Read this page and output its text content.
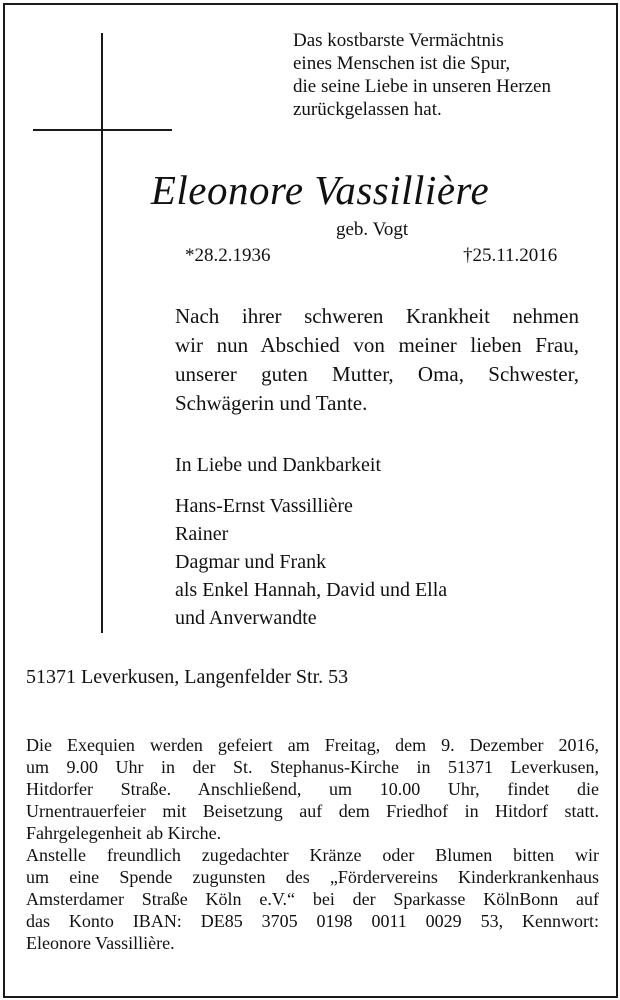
Das kostbarste Vermächtnis
eines Menschen ist die Spur,
die seine Liebe in unseren Herzen
zurückgelassen hat.
Eleonore Vassillière
geb. Vogt
*28.2.1936	†25.11.2016
Nach ihrer schweren Krankheit nehmen
wir nun Abschied von meiner lieben Frau,
unserer guten Mutter, Oma, Schwester,
Schwägerin und Tante.
In Liebe und Dankbarkeit
Hans-Ernst Vassillière
Rainer
Dagmar und Frank
als Enkel Hannah, David und Ella
und Anverwandte
51371 Leverkusen, Langenfelder Str. 53
Die Exequien werden gefeiert am Freitag, dem 9. Dezember 2016,
um 9.00 Uhr in der St. Stephanus-Kirche in 51371 Leverkusen,
Hitdorfer Straße. Anschließend, um 10.00 Uhr, findet die
Urnentrauerfeier mit Beisetzung auf dem Friedhof in Hitdorf statt.
Fahrgelegenheit ab Kirche.
Anstelle freundlich zugedachter Kränze oder Blumen bitten wir
um eine Spende zugunsten des „Fördervereins Kinderkrankenhaus
Amsterdamer Straße Köln e.V.“ bei der Sparkasse KölnBonn auf
das Konto IBAN: DE85 3705 0198 0011 0029 53, Kennwort:
Eleonore Vassillière.
